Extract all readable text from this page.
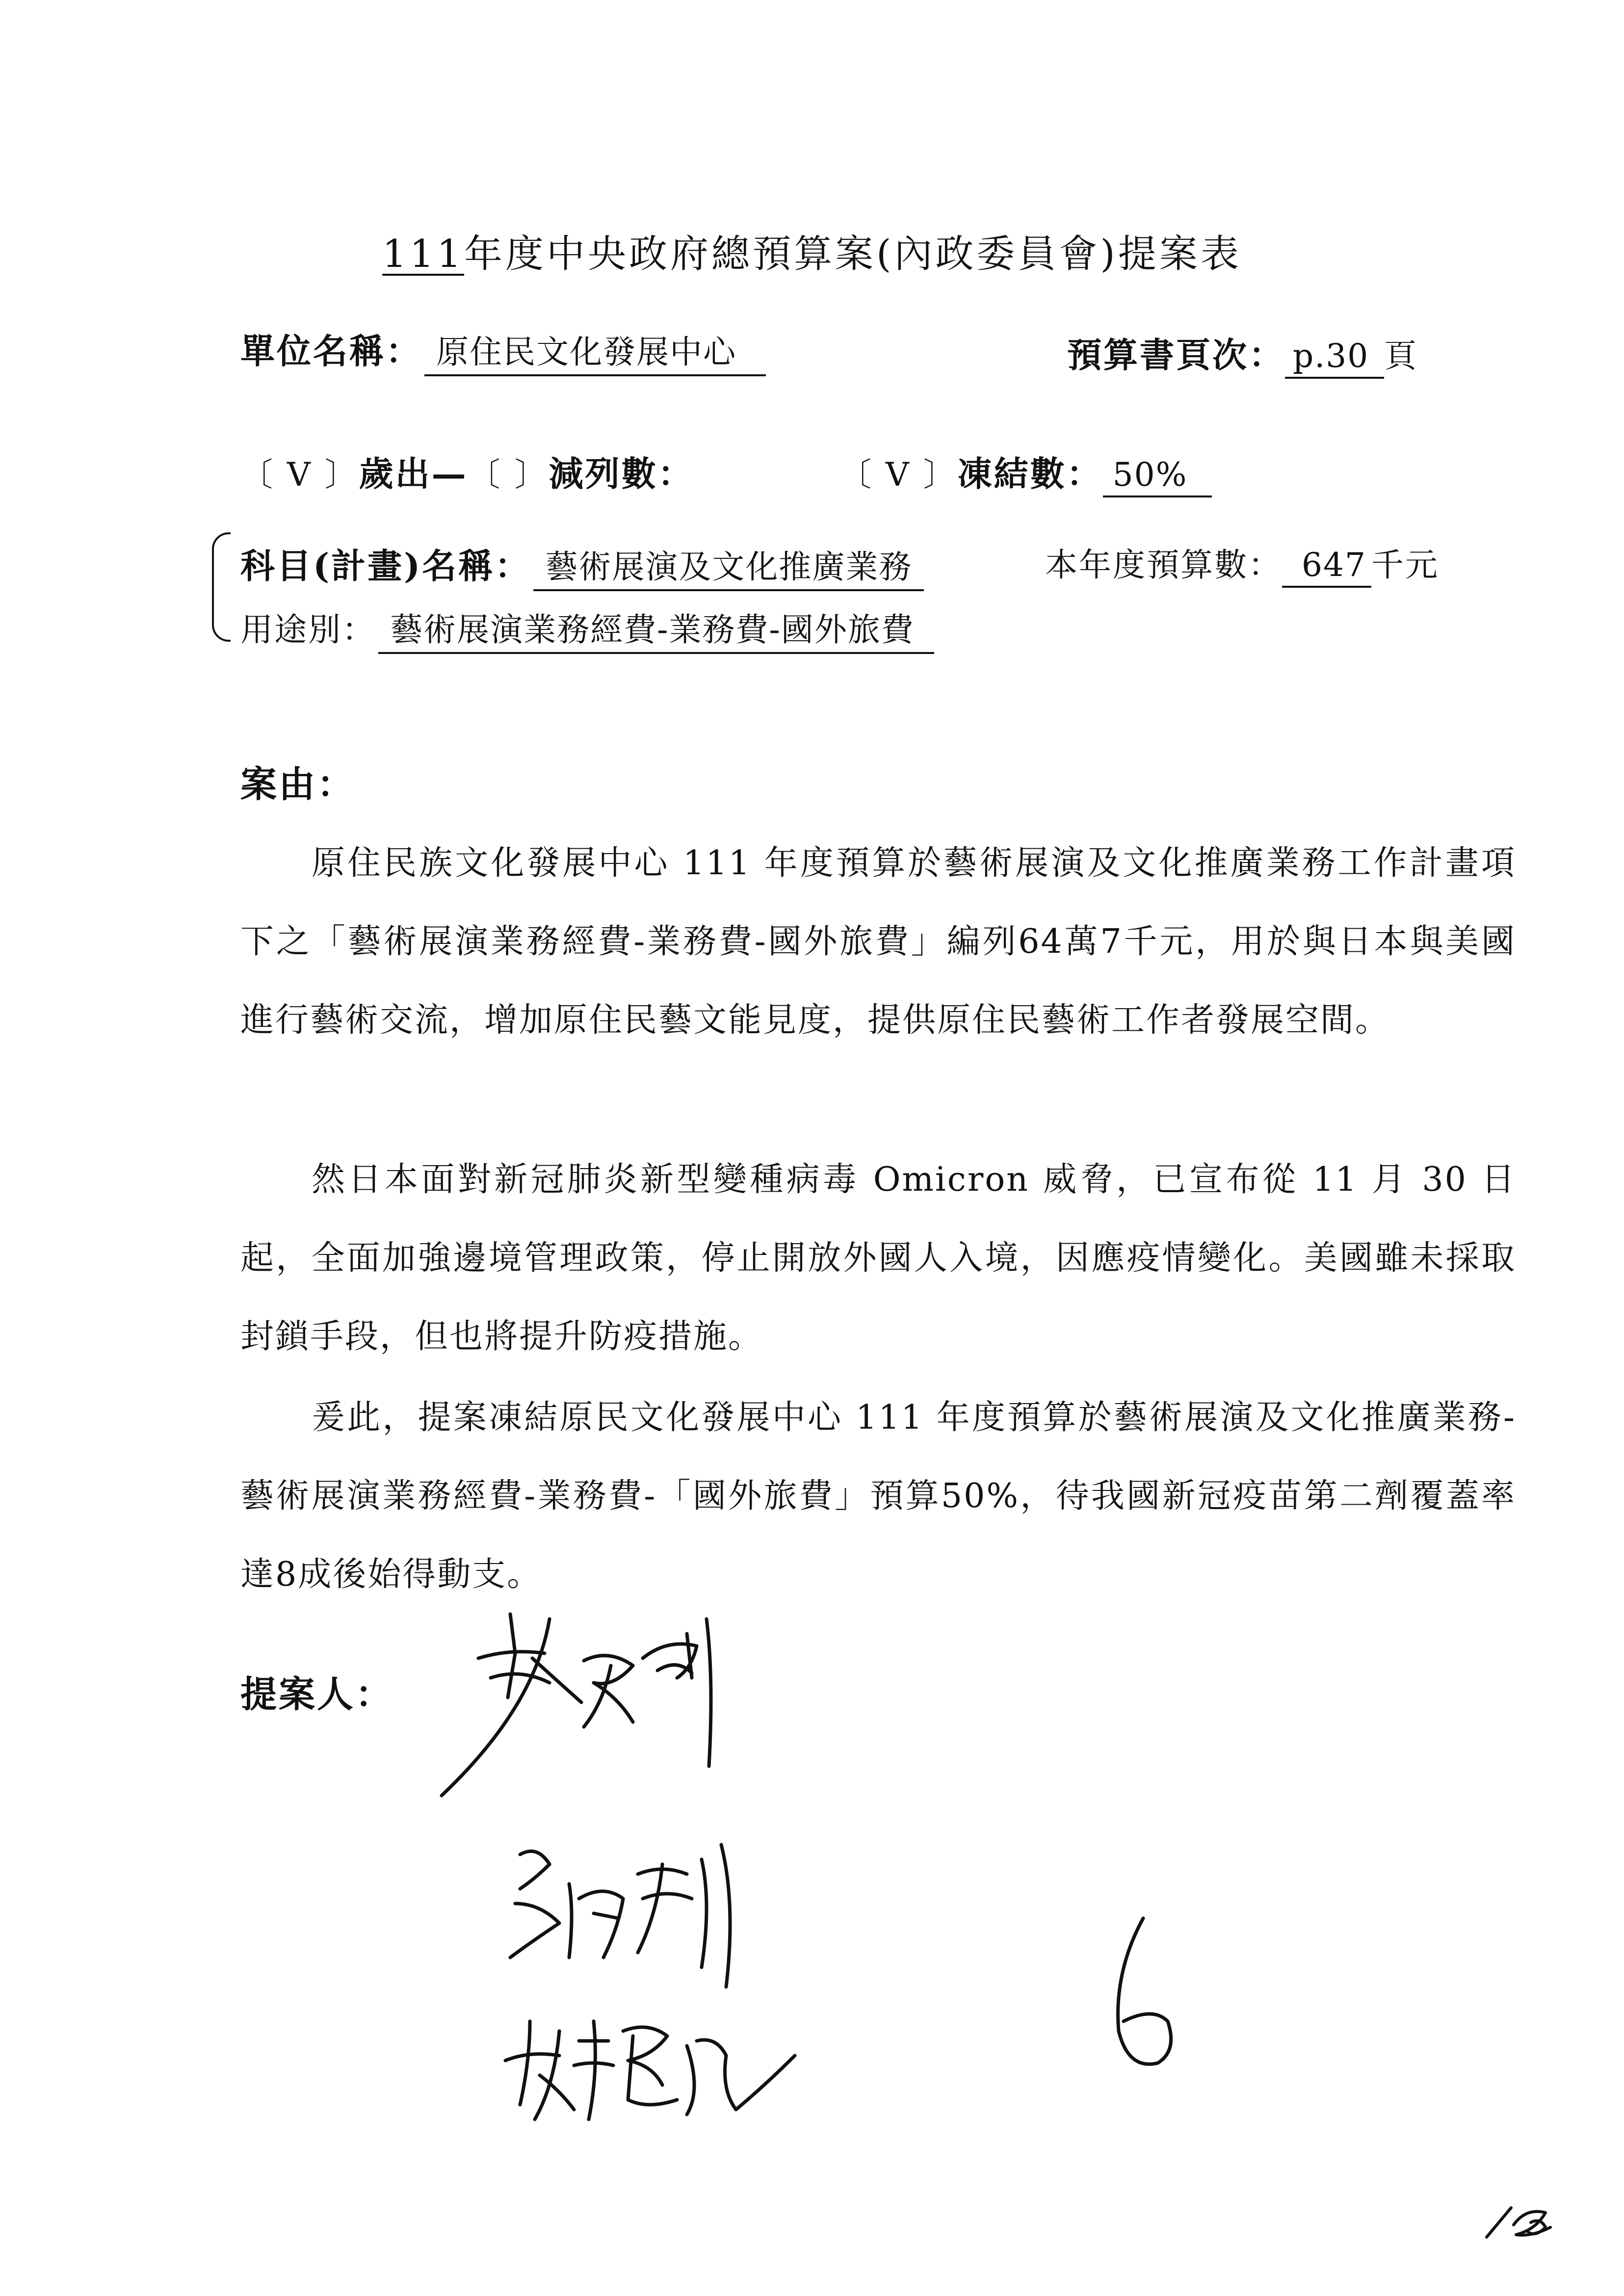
111年度中央政府總預算案(內政委員會)提案表
單位名稱： 原住民文化發展中心	預算書頁次： p.30 頁
〔 V 〕歲出—〔 〕減列數：	〔 V 〕凍結數： 50%
科目(計畫)名稱： 藝術展演及文化推廣業務	本年度預算數： 647 千元
用途別： 藝術展演業務經費-業務費-國外旅費
案由：
原住民族文化發展中心 111 年度預算於藝術展演及文化推廣業務工作計畫項下之「藝術展演業務經費-業務費-國外旅費」編列64萬7千元，用於與日本與美國進行藝術交流，增加原住民藝文能見度，提供原住民藝術工作者發展空間。
然日本面對新冠肺炎新型變種病毒 Omicron 威脅，已宣布從 11 月 30 日起，全面加強邊境管理政策，停止開放外國人入境，因應疫情變化。美國雖未採取封鎖手段，但也將提升防疫措施。
爰此，提案凍結原民文化發展中心 111 年度預算於藝術展演及文化推廣業務-藝術展演業務經費-業務費-「國外旅費」預算50%，待我國新冠疫苗第二劑覆蓋率達8成後始得動支。
提案人：
